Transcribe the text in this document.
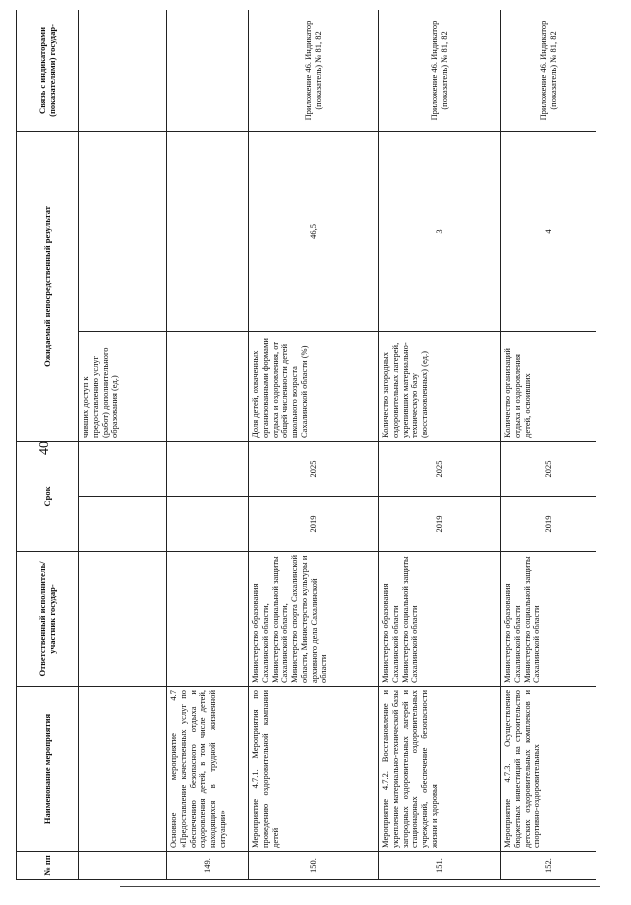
40
№ пп	Наименование мероприятия	Ответственный исполнитель/участник государ-	Срок		Ожидаемый непосредственный результат		Связь с индикаторами (показателями) государ-
					чивших доступ к предоставлению услуг (работ) дополнительного образования (ед.)		
149.	Основное мероприятие 4.7 «Предоставление качественных услуг по обеспечению безопасного отдыха и оздоровления детей, в том числе детей, находящихся в трудной жизненной ситуации»						
150.	Мероприятие 4.7.1. Мероприятия по проведению оздоровительной кампании детей	Министерство образования Сахалинской области, Министерство социальной защиты Сахалинской области, Министерство спорта Сахалинской области, Министерство культуры и архивного дела Сахалинской области	2019	2025	Доля детей, охваченных организованными формами отдыха и оздоровления, от общей численности детей школьного возраста Сахалинской области (%)	46,5	Приложение 46. Индикатор (показатель) № 81, 82
151.	Мероприятие 4.7.2. Восстановление и укрепление материально-технической базы загородных оздоровительных лагерей и стационарных оздоровительных учреждений, обеспечение безопасности жизни и здоровья	Министерство образования Сахалинской области Министерство социальной защиты Сахалинской области	2019	2025	Количество загородных оздоровительных лагерей, укрепивших материально-техническую базу (восстановленных) (ед.)	3	Приложение 46. Индикатор (показатель) № 81, 82
152.	Мероприятие 4.7.3. Осуществление бюджетных инвестиций на строительство детских оздоровительных комплексов и спортивно-оздоровительных	Министерство образования Сахалинской области Министерство социальной защиты Сахалинской области	2019	2025	Количество организаций отдыха и оздоровления детей, освоивших	4	Приложение 46. Индикатор (показатель) № 81, 82
